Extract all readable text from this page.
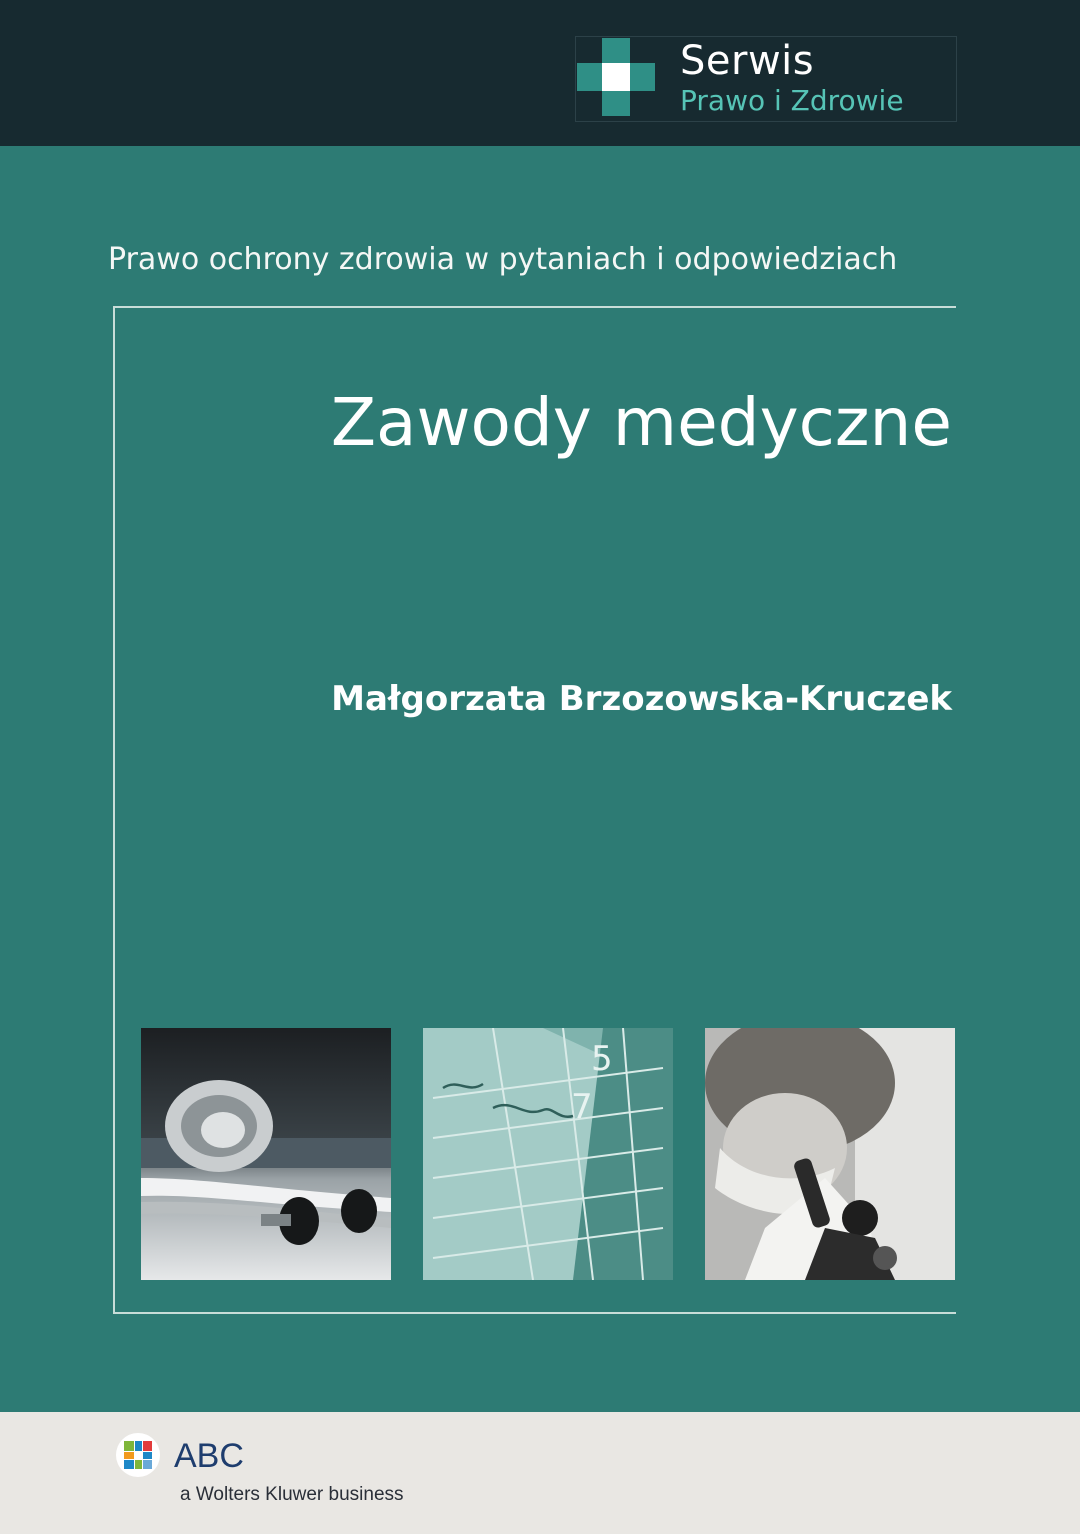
Serwis
Prawo i Zdrowie
Prawo ochrony zdrowia w pytaniach i odpowiedziach
Zawody medyczne
Małgorzata Brzozowska-Kruczek
5
7
ABC
a Wolters Kluwer business
